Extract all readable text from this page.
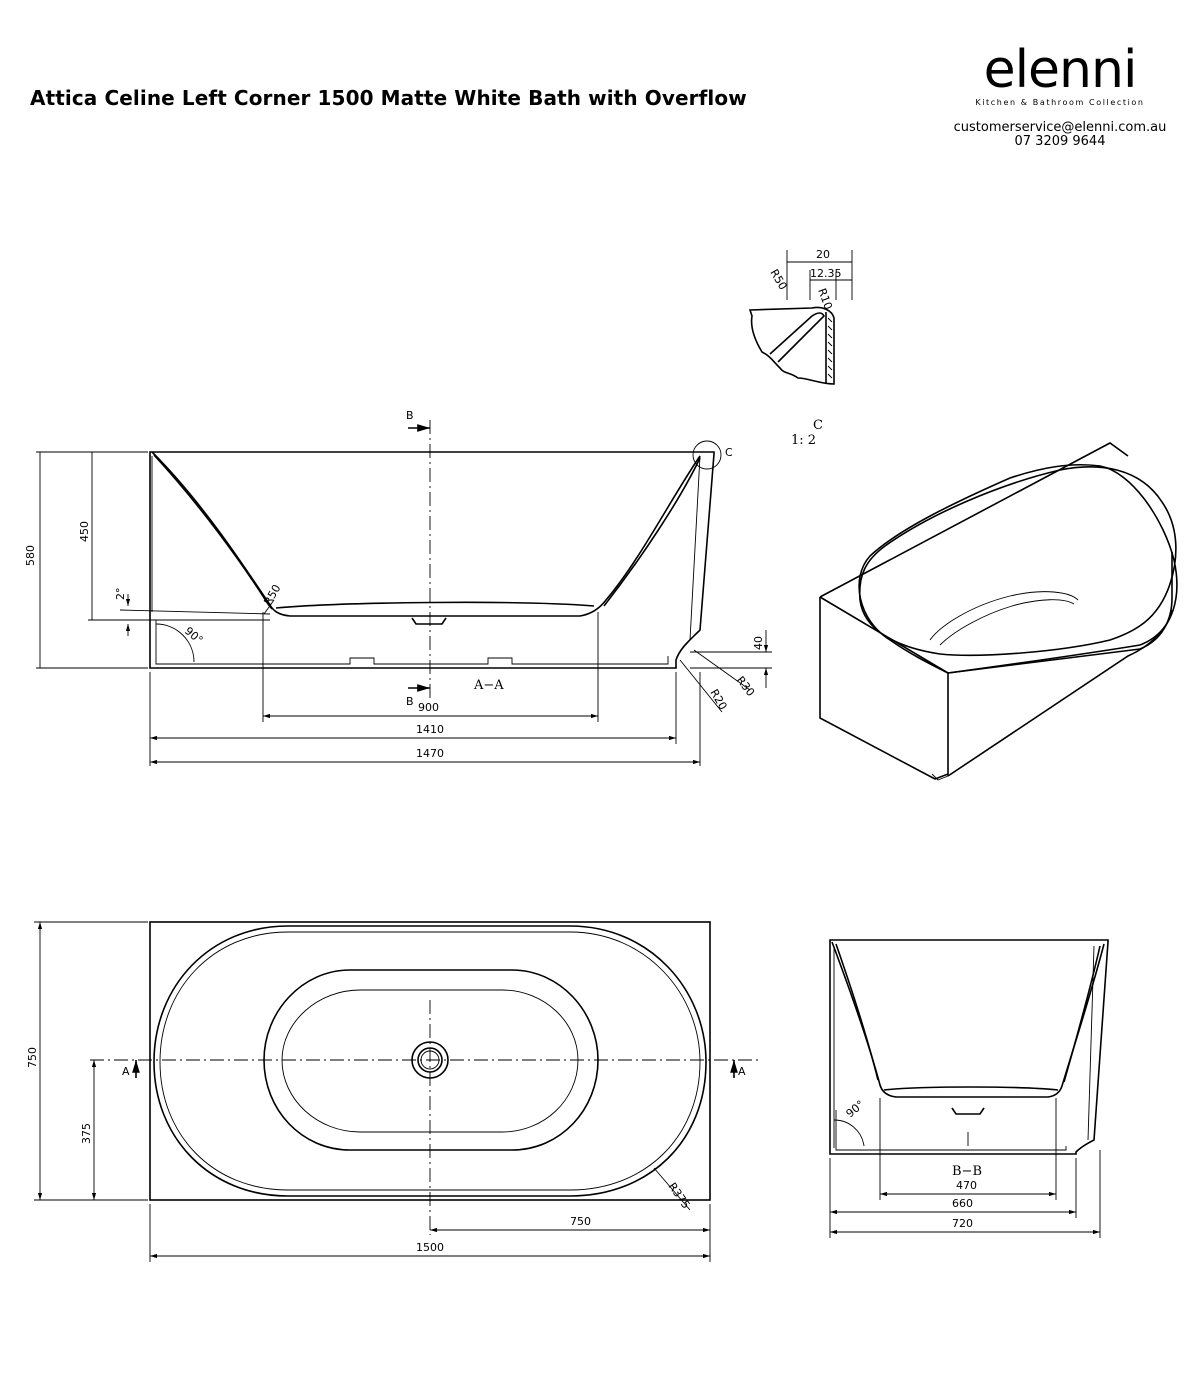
Attica Celine Left Corner 1500 Matte White Bath with Overflow	elenni
Kitchen & Bathroom Collection
customerservice@elenni.com.au
07 3209 9644
20
12.35
R50
R10
C
1: 2
B
B
C
A−A
580
450
2°
90°
R50
40
R30
R20
900
1410
1470
A	A
750
375
R375
750
1500
90°
B−B
470
660
720
